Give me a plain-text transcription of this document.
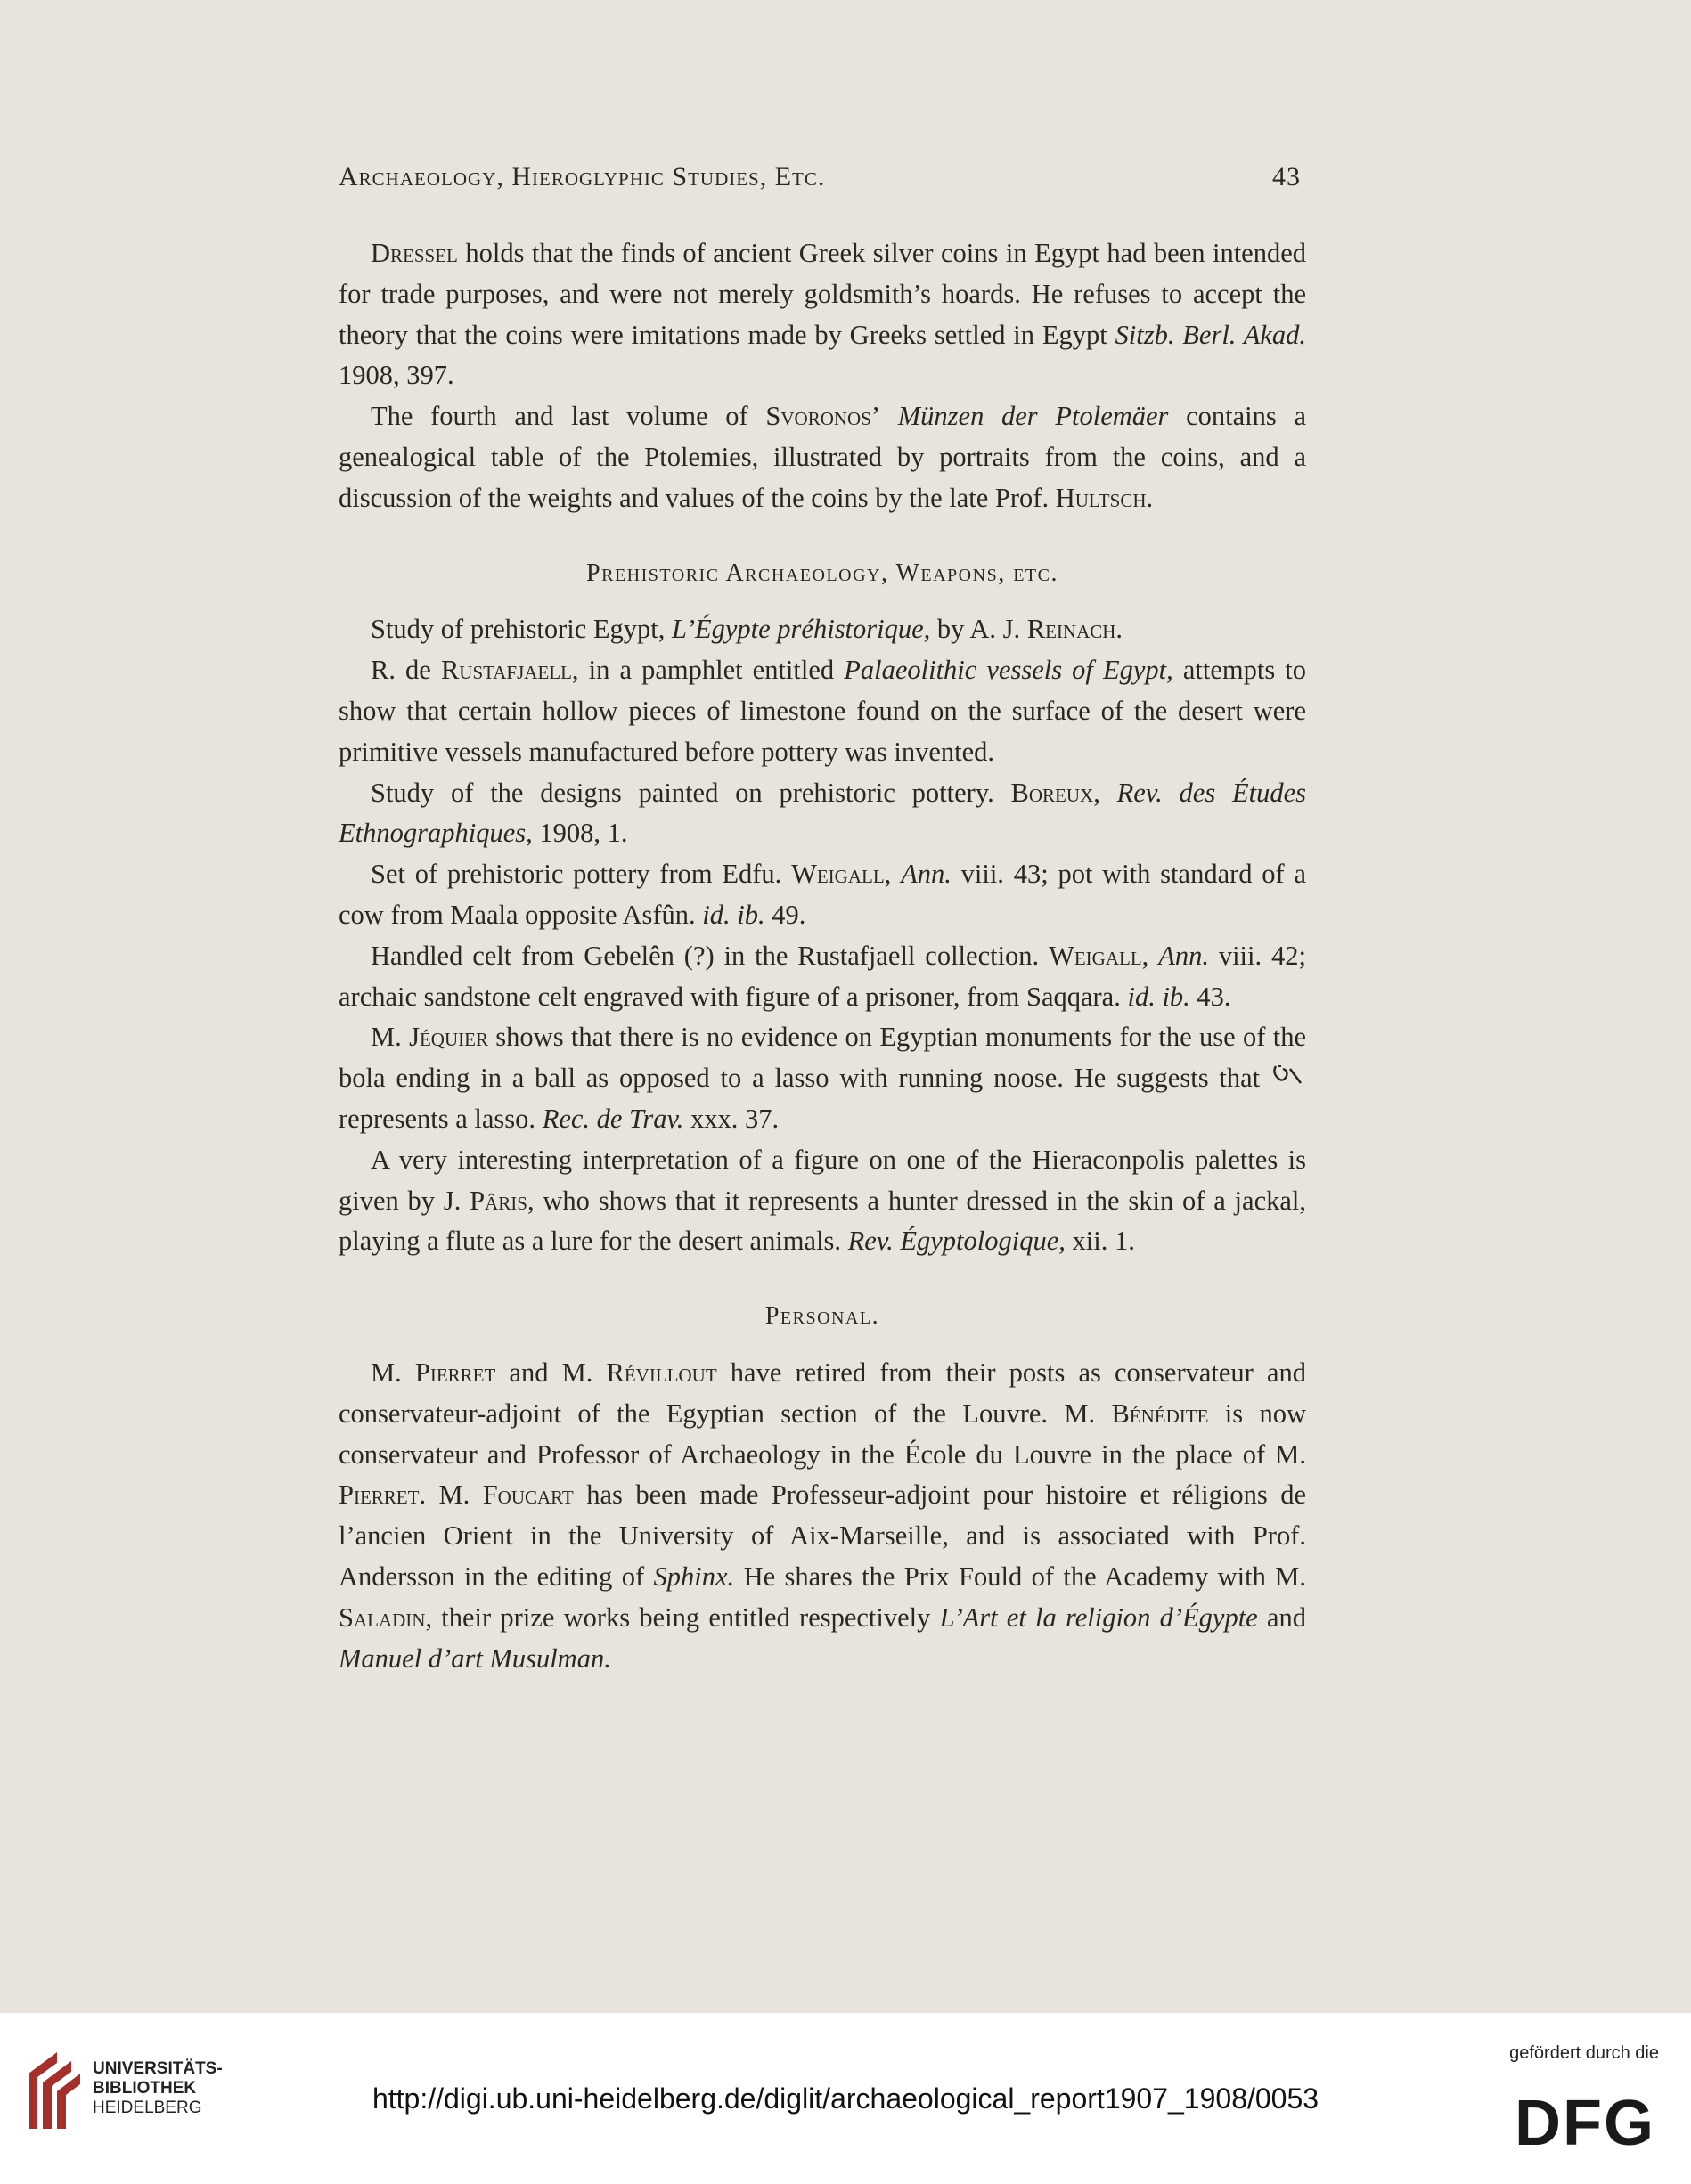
Archaeology, Hieroglyphic Studies, Etc.	43

Dressel holds that the finds of ancient Greek silver coins in Egypt had been intended for trade purposes, and were not merely goldsmith’s hoards. He refuses to accept the theory that the coins were imitations made by Greeks settled in Egypt Sitzb. Berl. Akad. 1908, 397.

The fourth and last volume of Svoronos’ Münzen der Ptolemäer contains a genealogical table of the Ptolemies, illustrated by portraits from the coins, and a discussion of the weights and values of the coins by the late Prof. Hultsch.

Prehistoric Archaeology, Weapons, etc.

Study of prehistoric Egypt, L’Égypte préhistorique, by A. J. Reinach.

R. de Rustafjaell, in a pamphlet entitled Palaeolithic vessels of Egypt, attempts to show that certain hollow pieces of limestone found on the surface of the desert were primitive vessels manufactured before pottery was invented.

Study of the designs painted on prehistoric pottery. Boreux, Rev. des Études Ethnographiques, 1908, 1.

Set of prehistoric pottery from Edfu. Weigall, Ann. viii. 43; pot with standard of a cow from Maala opposite Asfûn. id. ib. 49.

Handled celt from Gebelên (?) in the Rustafjaell collection. Weigall, Ann. viii. 42; archaic sandstone celt engraved with figure of a prisoner, from Saqqara. id. ib. 43.

M. Jéquier shows that there is no evidence on Egyptian monuments for the use of the bola ending in a ball as opposed to a lasso with running noose. He suggests that  represents a lasso. Rec. de Trav. xxx. 37.

A very interesting interpretation of a figure on one of the Hieraconpolis palettes is given by J. Pâris, who shows that it represents a hunter dressed in the skin of a jackal, playing a flute as a lure for the desert animals. Rev. Égyptologique, xii. 1.

Personal.

M. Pierret and M. Révillout have retired from their posts as conservateur and conservateur-adjoint of the Egyptian section of the Louvre. M. Bénédite is now conservateur and Professor of Archaeology in the École du Louvre in the place of M. Pierret. M. Foucart has been made Professeur-adjoint pour histoire et réligions de l’ancien Orient in the University of Aix-Marseille, and is associated with Prof. Andersson in the editing of Sphinx. He shares the Prix Fould of the Academy with M. Saladin, their prize works being entitled respectively L’Art et la religion d’Égypte and Manuel d’art Musulman.

UNIVERSITÄTS-
BIBLIOTHEK
HEIDELBERG	http://digi.ub.uni-heidelberg.de/diglit/archaeological_report1907_1908/0053
gefördert durch die
DFG
